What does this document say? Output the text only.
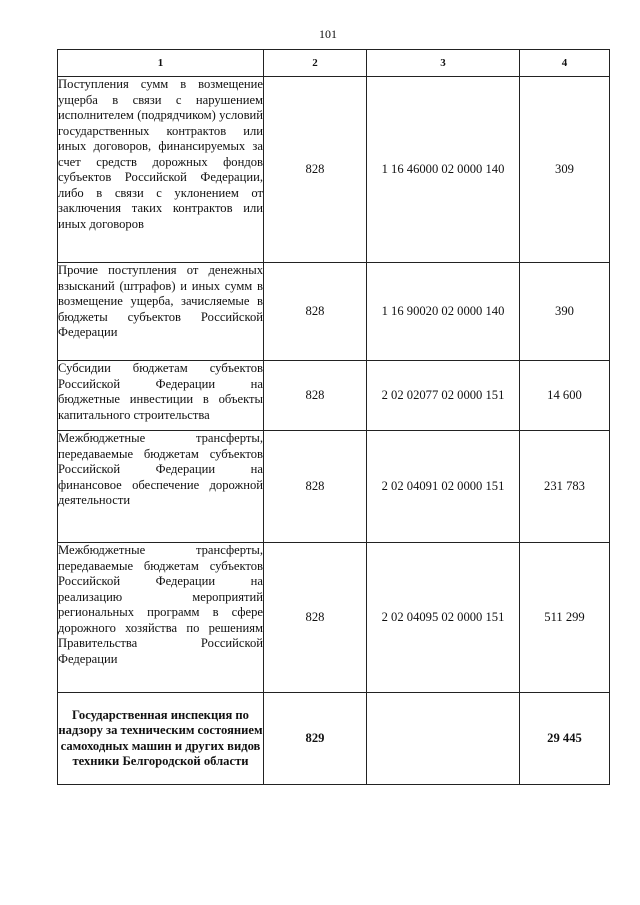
101
1	2	3	4
Поступления сумм в возмещение ущерба в связи с нарушением исполнителем (подрядчиком) условий государственных контрактов или иных договоров, финансируемых за счет средств дорожных фондов субъектов Российской Федерации, либо в связи с уклонением от заключения таких контрактов или иных договоров	828	1 16 46000 02 0000 140	309
Прочие поступления от денежных взысканий (штрафов) и иных сумм в возмещение ущерба, зачисляемые в бюджеты субъектов Российской Федерации	828	1 16 90020 02 0000 140	390
Субсидии бюджетам субъектов Российской Федерации на бюджетные инвестиции в объекты капитального строительства	828	2 02 02077 02 0000 151	14 600
Межбюджетные трансферты, передаваемые бюджетам субъектов Российской Федерации на финансовое обеспечение дорожной деятельности	828	2 02 04091 02 0000 151	231 783
Межбюджетные трансферты, передаваемые бюджетам субъектов Российской Федерации на реализацию мероприятий региональных программ в сфере дорожного хозяйства по решениям Правительства Российской Федерации	828	2 02 04095 02 0000 151	511 299
Государственная инспекция по надзору за техническим состоянием самоходных машин и других видов техники Белгородской области	829		29 445
